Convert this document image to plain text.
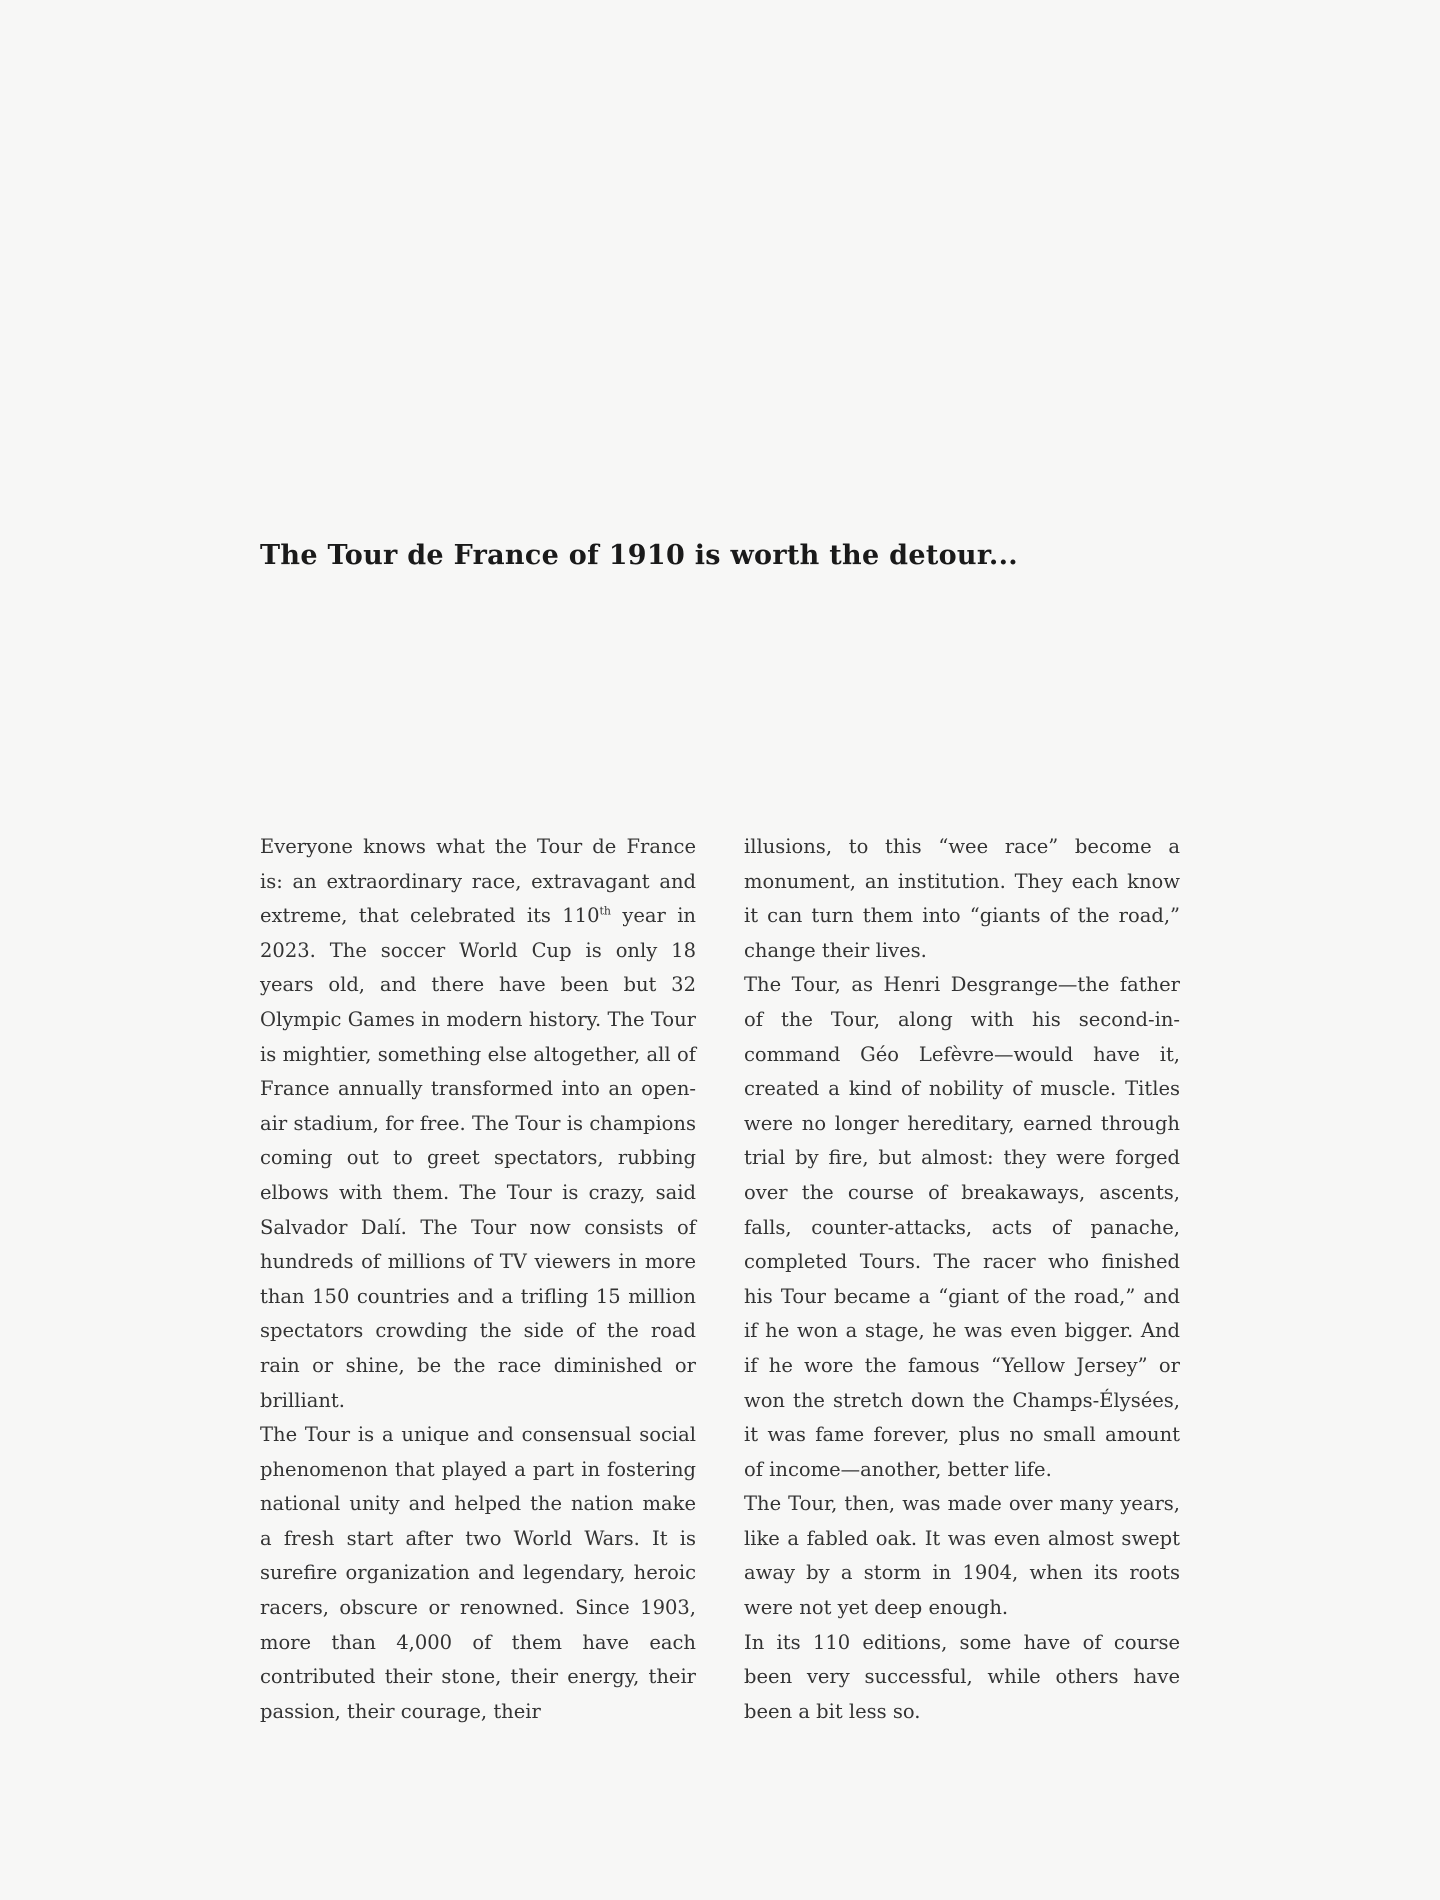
The Tour de France of 1910 is worth the detour...

Everyone knows what the Tour de France is: an extraordinary race, extravagant and extreme, that celebrated its 110th year in 2023. The soccer World Cup is only 18 years old, and there have been but 32 Olympic Games in modern history. The Tour is mightier, something else altogether, all of France annually transformed into an open-air stadium, for free. The Tour is champions coming out to greet spectators, rubbing elbows with them. The Tour is crazy, said Salvador Dalí. The Tour now consists of hundreds of millions of TV viewers in more than 150 countries and a trifling 15 million spectators crowding the side of the road rain or shine, be the race diminished or brilliant.

The Tour is a unique and consensual social phenomenon that played a part in fostering national unity and helped the nation make a fresh start after two World Wars. It is surefire organization and legendary, heroic racers, obscure or renowned. Since 1903, more than 4,000 of them have each contributed their stone, their energy, their passion, their courage, their

illusions, to this “wee race” become a monument, an institution. They each know it can turn them into “giants of the road,” change their lives.

The Tour, as Henri Desgrange—the father of the Tour, along with his second-in-command Géo Lefèvre—would have it, created a kind of nobility of muscle. Titles were no longer hereditary, earned through trial by fire, but almost: they were forged over the course of breakaways, ascents, falls, counter-attacks, acts of panache, completed Tours. The racer who finished his Tour became a “giant of the road,” and if he won a stage, he was even bigger. And if he wore the famous “Yellow Jersey” or won the stretch down the Champs-Élysées, it was fame forever, plus no small amount of income—another, better life.

The Tour, then, was made over many years, like a fabled oak. It was even almost swept away by a storm in 1904, when its roots were not yet deep enough.

In its 110 editions, some have of course been very successful, while others have been a bit less so.
